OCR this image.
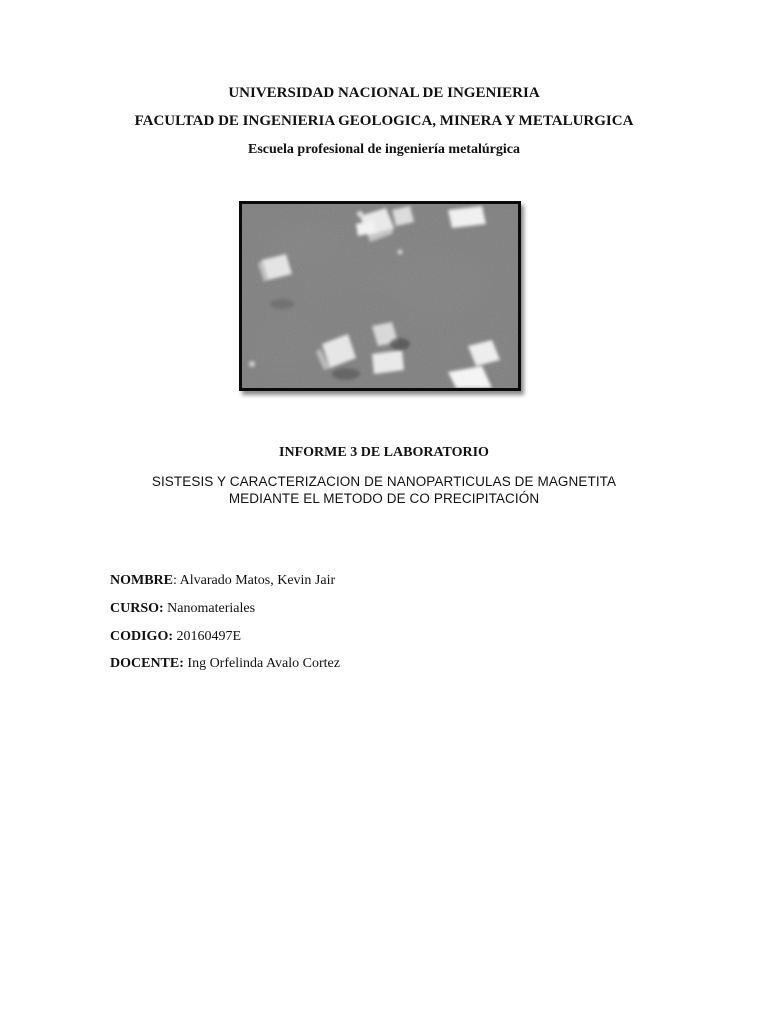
UNIVERSIDAD NACIONAL DE INGENIERIA
FACULTAD DE INGENIERIA GEOLOGICA, MINERA Y METALURGICA
Escuela profesional de ingeniería metalúrgica
INFORME 3 DE LABORATORIO
SISTESIS Y CARACTERIZACION DE NANOPARTICULAS DE MAGNETITA
MEDIANTE EL METODO DE CO PRECIPITACIÓN
NOMBRE: Alvarado Matos, Kevin Jair
CURSO: Nanomateriales
CODIGO: 20160497E
DOCENTE: Ing Orfelinda Avalo Cortez
